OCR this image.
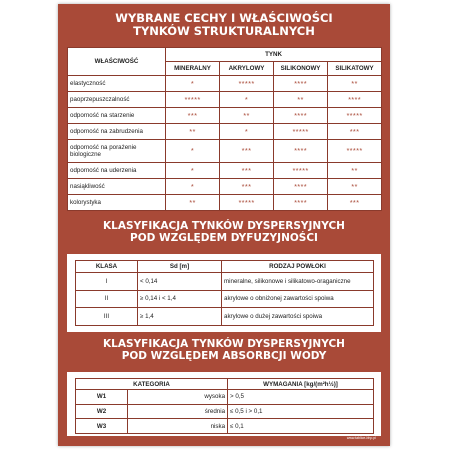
WYBRANE CECHY I WŁAŚCIWOŚCI
TYNKÓW STRUKTURALNYCH
WŁAŚCIWOŚĆ	TYNK			
	MINERALNY	AKRYLOWY	SILIKONOWY	SILIKATOWY
elastyczność	*	*****	****	**
paoprzepuszczalność	*****	*	**	****
odporność na starzenie	***	**	****	*****
odporność na zabrudzenia	**	*	*****	***
odporność na porażenie biologiczne	*	***	****	*****
odporność na uderzenia	*	***	*****	**
nasiąkliwość	*	***	****	**
kolorystyka	**	*****	****	***
KLASYFIKACJA TYNKÓW DYSPERSYJNYCH
POD WZGLĘDEM DYFUZYJNOŚCI
KLASA	Sd [m]	RODZAJ POWŁOKI
I	< 0,14	mineralne, silikonowe i silikatowo-oraganiczne
II	≥ 0,14 i < 1,4	akrylowe o obniżonej zawartości spoiwa
III	≥ 1,4	akrylowe o dużej zawartości spoiwa
KLASYFIKACJA TYNKÓW DYSPERSYJNYCH
POD WZGLĘDEM ABSORBCJI WODY
KATEGORIA		WYMAGANIA [kg/(m²h½)]
W1	wysoka	> 0,5
W2	średnia	≤ 0,5 i > 0,1
W3	niska	≤ 0,1
www.tablice-bhp.pl
